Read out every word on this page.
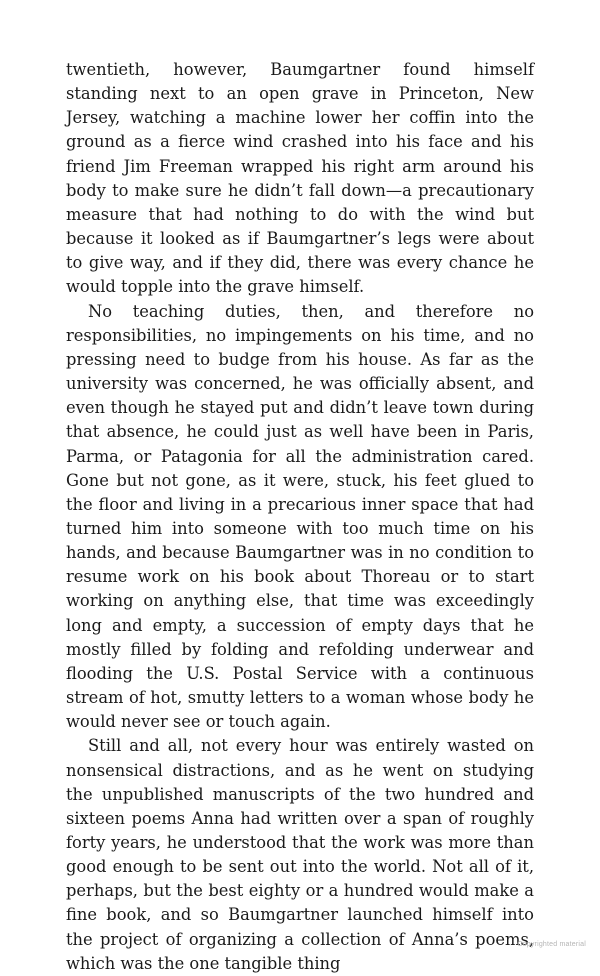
twentieth, however, Baumgartner found himself standing next to an open grave in Princeton, New Jersey, watching a machine lower her coffin into the ground as a fierce wind crashed into his face and his friend Jim Freeman wrapped his right arm around his body to make sure he didn’t fall down—a precautionary measure that had nothing to do with the wind but because it looked as if Baumgartner’s legs were about to give way, and if they did, there was every chance he would topple into the grave himself.

No teaching duties, then, and therefore no responsibilities, no impingements on his time, and no pressing need to budge from his house. As far as the university was concerned, he was officially absent, and even though he stayed put and didn’t leave town during that absence, he could just as well have been in Paris, Parma, or Patagonia for all the administration cared. Gone but not gone, as it were, stuck, his feet glued to the floor and living in a precarious inner space that had turned him into someone with too much time on his hands, and because Baumgartner was in no condition to resume work on his book about Thoreau or to start working on anything else, that time was exceedingly long and empty, a succession of empty days that he mostly filled by folding and refolding underwear and flooding the U.S. Postal Service with a continuous stream of hot, smutty letters to a woman whose body he would never see or touch again.

Still and all, not every hour was entirely wasted on nonsensical distractions, and as he went on studying the unpublished manuscripts of the two hundred and sixteen poems Anna had written over a span of roughly forty years, he understood that the work was more than good enough to be sent out into the world. Not all of it, perhaps, but the best eighty or a hundred would make a fine book, and so Baumgartner launched himself into the project of organizing a collection of Anna’s poems, which was the one tangible thing

Copyrighted material
